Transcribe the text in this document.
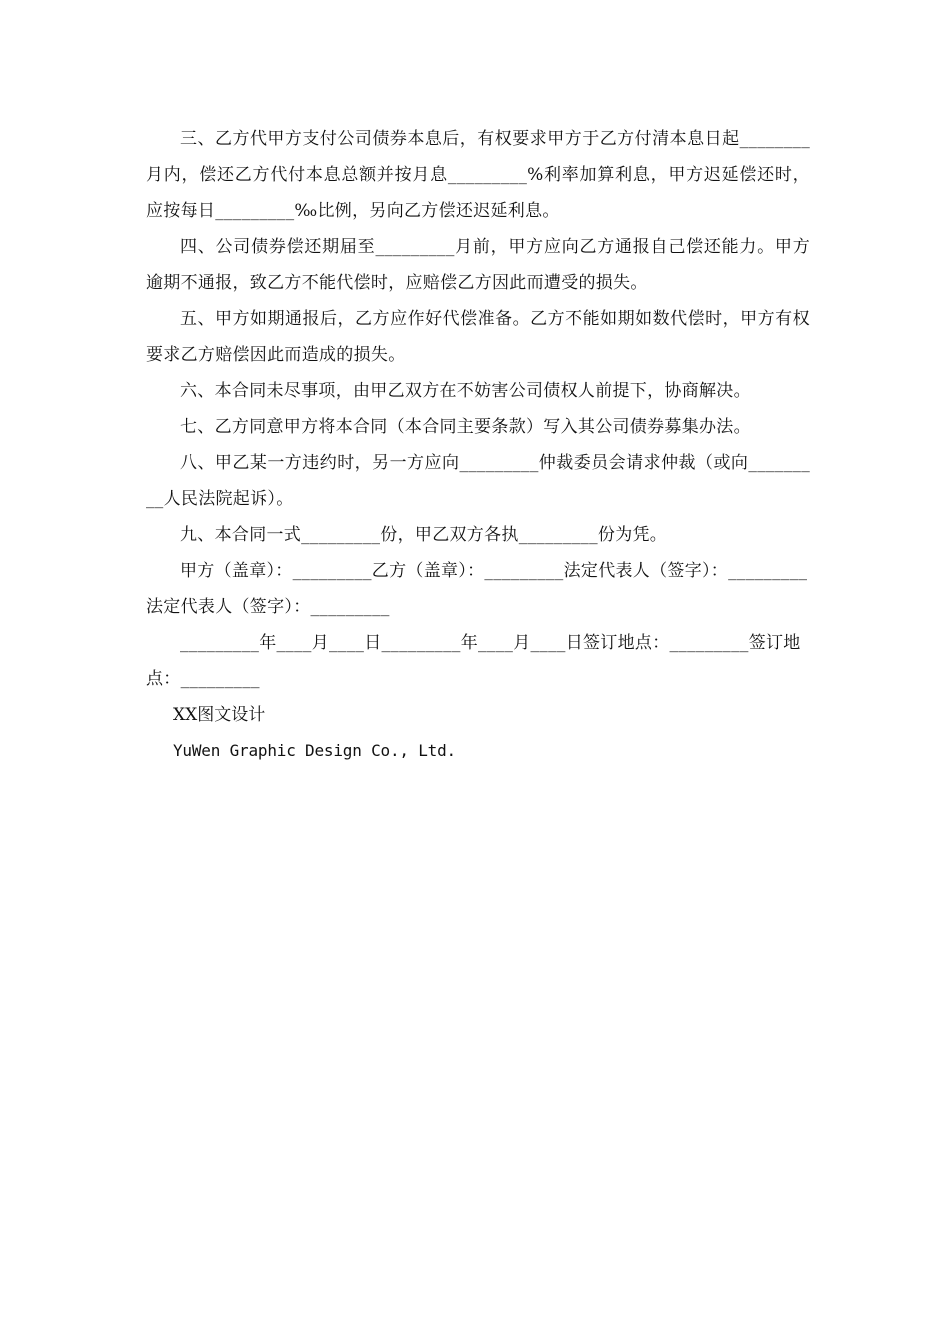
三、乙方代甲方支付公司债券本息后，有权要求甲方于乙方付清本息日起________月内，偿还乙方代付本息总额并按月息_________%利率加算利息，甲方迟延偿还时，应按每日_________‰比例，另向乙方偿还迟延利息。

四、公司债券偿还期届至_________月前，甲方应向乙方通报自己偿还能力。甲方逾期不通报，致乙方不能代偿时，应赔偿乙方因此而遭受的损失。

五、甲方如期通报后，乙方应作好代偿准备。乙方不能如期如数代偿时，甲方有权要求乙方赔偿因此而造成的损失。

六、本合同未尽事项，由甲乙双方在不妨害公司债权人前提下，协商解决。

七、乙方同意甲方将本合同（本合同主要条款）写入其公司债券募集办法。

八、甲乙某一方违约时，另一方应向_________仲裁委员会请求仲裁（或向_________人民法院起诉）。

九、本合同一式_________份，甲乙双方各执_________份为凭。

甲方（盖章）：_________乙方（盖章）：_________法定代表人（签字）：_________ 法定代表人（签字）：_________

_________年____月____日_________年____月____日签订地点：_________签订地点：_________

XX图文设计

YuWen Graphic Design Co., Ltd.
